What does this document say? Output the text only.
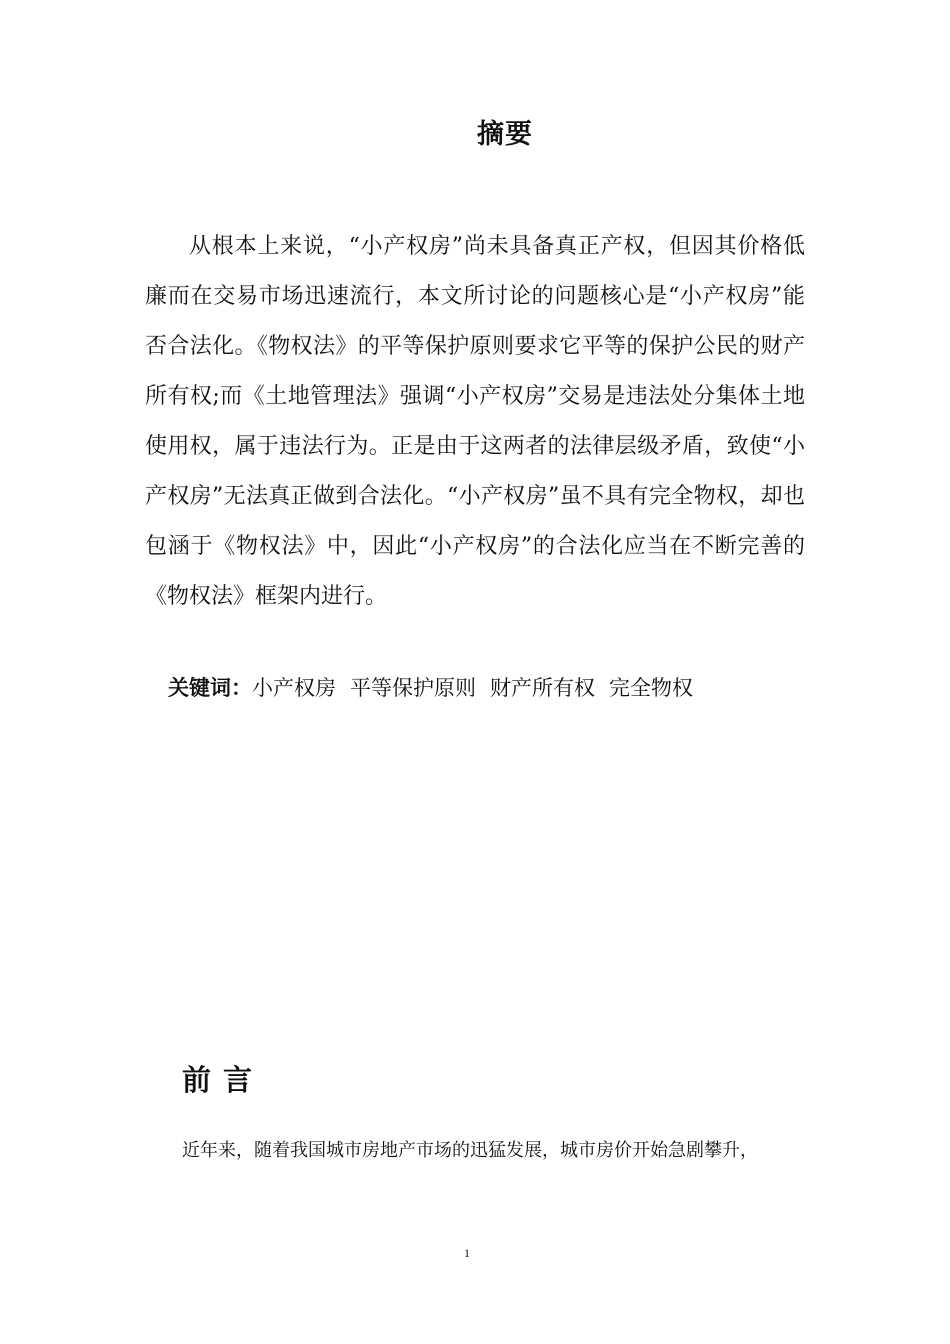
摘要

从根本上来说，“小产权房”尚未具备真正产权，但因其价格低廉而在交易市场迅速流行，本文所讨论的问题核心是“小产权房”能否合法化。《物权法》的平等保护原则要求它平等的保护公民的财产所有权;而《土地管理法》强调“小产权房”交易是违法处分集体土地使用权，属于违法行为。正是由于这两者的法律层级矛盾，致使“小产权房”无法真正做到合法化。“小产权房”虽不具有完全物权，却也包涵于《物权法》中，因此“小产权房”的合法化应当在不断完善的《物权法》框架内进行。

关键词：小产权房 平等保护原则 财产所有权 完全物权

前言

近年来，随着我国城市房地产市场的迅猛发展，城市房价开始急剧攀升，

1
